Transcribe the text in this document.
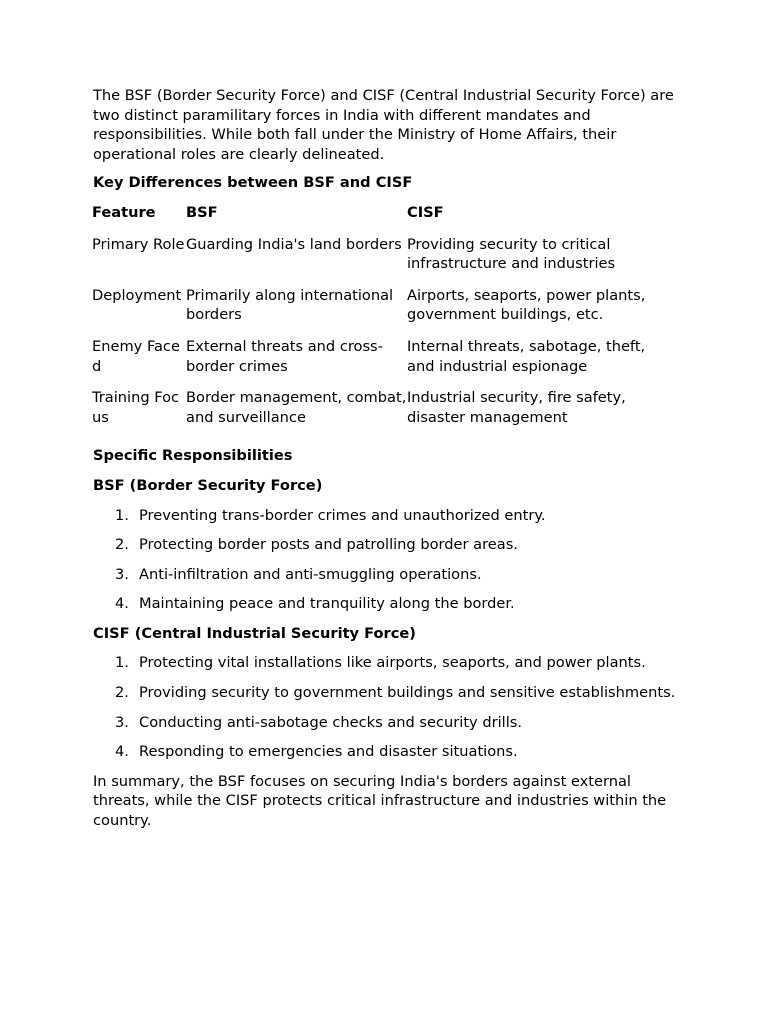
The BSF (Border Security Force) and CISF (Central Industrial Security Force) are two distinct paramilitary forces in India with different mandates and responsibilities. While both fall under the Ministry of Home Affairs, their operational roles are clearly delineated.

Key Differences between BSF and CISF

Feature	BSF	CISF
Primary Role	Guarding India's land borders	Providing security to critical infrastructure and industries
Deployment	Primarily along international borders	Airports, seaports, power plants, government buildings, etc.
Enemy Faced	External threats and cross-border crimes	Internal threats, sabotage, theft, and industrial espionage
Training Focus	Border management, combat, and surveillance	Industrial security, fire safety, disaster management

Specific Responsibilities

BSF (Border Security Force)

1. Preventing trans-border crimes and unauthorized entry.
2. Protecting border posts and patrolling border areas.
3. Anti-infiltration and anti-smuggling operations.
4. Maintaining peace and tranquility along the border.

CISF (Central Industrial Security Force)

1. Protecting vital installations like airports, seaports, and power plants.
2. Providing security to government buildings and sensitive establishments.
3. Conducting anti-sabotage checks and security drills.
4. Responding to emergencies and disaster situations.

In summary, the BSF focuses on securing India's borders against external threats, while the CISF protects critical infrastructure and industries within the country.
